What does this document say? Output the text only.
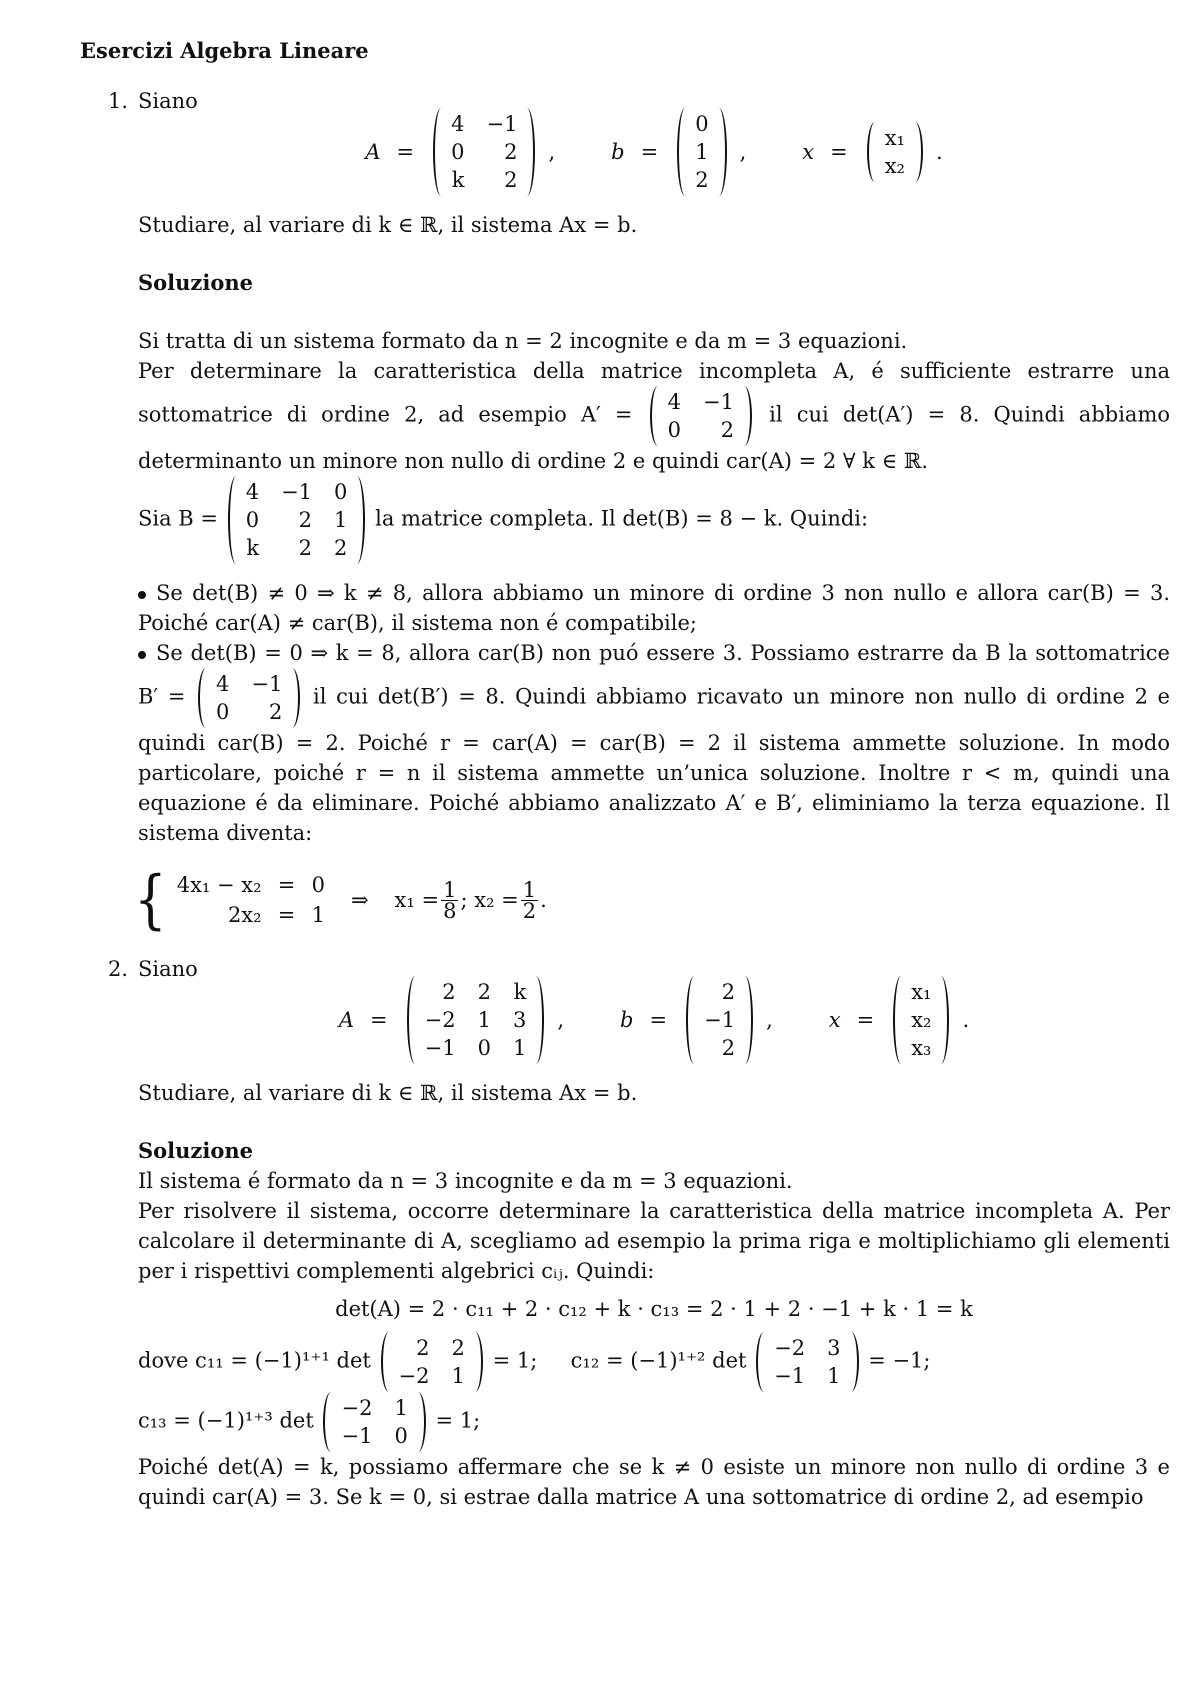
Esercizi Algebra Lineare
1. Siano
A =
4 −1
0	2
k	2
,	b =
0
1
2
,	x =
x₁
x₂
.
Studiare, al variare di k ∈ ℝ, il sistema Ax = b.
Soluzione
Si tratta di un sistema formato da n = 2 incognite e da m = 3 equazioni.
Per determinare la caratteristica della matrice incompleta A, é sufficiente estrarre una sottomatrice di ordine 2, ad esempio A′ =
4 −1
0	2
il cui det(A′) = 8. Quindi abbiamo determinanto un minore non nullo di ordine 2 e quindi car(A) = 2 ∀ k ∈ ℝ.
Sia B =
4 −1 0
0	2 1
k	2 2
la matrice completa. Il det(B) = 8 − k. Quindi:
Se det(B) ≠ 0 ⇒ k ≠ 8, allora abbiamo un minore di ordine 3 non nullo e allora car(B) = 3. Poiché car(A) ≠ car(B), il sistema non é compatibile;
Se det(B) = 0 ⇒ k = 8, allora car(B) non puó essere 3. Possiamo estrarre da B la sottomatrice B′ =
4 −1
0	2
il cui det(B′) = 8. Quindi abbiamo ricavato un minore non nullo di ordine 2 e quindi car(B) = 2. Poiché r = car(A) = car(B) = 2 il sistema ammette soluzione. In modo particolare, poiché r = n il sistema ammette un’unica soluzione. Inoltre r < m, quindi una equazione é da eliminare. Poiché abbiamo analizzato A′ e B′, eliminiamo la terza equazione. Il sistema diventa:
{ 4x₁ − x₂ = 0
2x₂ = 1
⇒ $x_1 = \frac{1}{8}$ ; $x_2 = \frac{1}{2}$ .
2. Siano
A =
2 2 k
−2 1 3
−1 0 1
,	b =
2
−1
2
,	x =
x₁
x₂
x₃
.
Studiare, al variare di k ∈ ℝ, il sistema Ax = b.
Soluzione
Il sistema é formato da n = 3 incognite e da m = 3 equazioni.
Per risolvere il sistema, occorre determinare la caratteristica della matrice incompleta A. Per calcolare il determinante di A, scegliamo ad esempio la prima riga e moltiplichiamo gli elementi per i rispettivi complementi algebrici cᵢⱼ. Quindi:
det(A) = 2 · c₁₁ + 2 · c₁₂ + k · c₁₃ = 2 · 1 + 2 · −1 + k · 1 = k
dove c₁₁ = (−1)¹⁺¹ det
2 2
−2 1
= 1; c₁₂ = (−1)¹⁺² det
−2 3
−1 1
= −1;
c₁₃ = (−1)¹⁺³ det
−2 1
−1 0
= 1;
Poiché det(A) = k, possiamo affermare che se k ≠ 0 esiste un minore non nullo di ordine 3 e quindi car(A) = 3. Se k = 0, si estrae dalla matrice A una sottomatrice di ordine 2, ad esempio
